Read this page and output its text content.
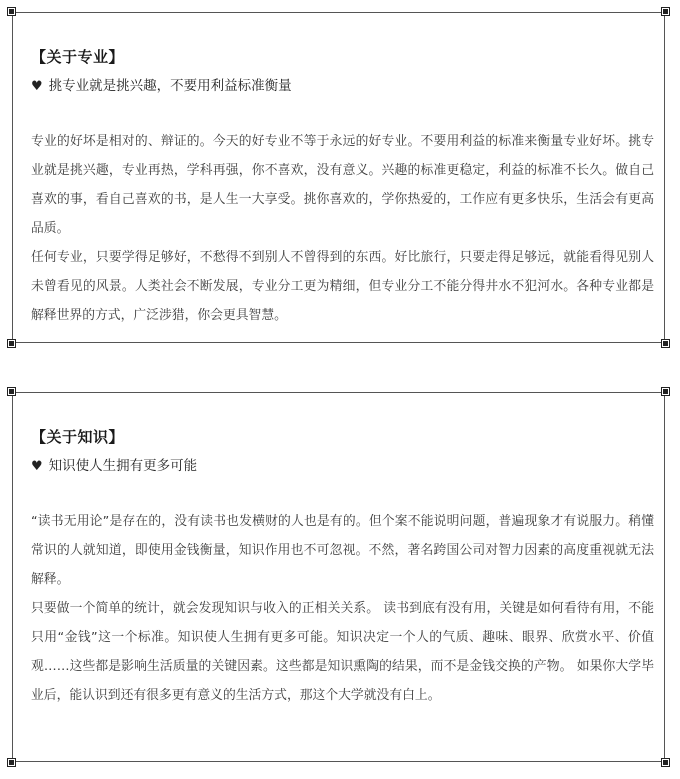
【关于专业】
♥ 挑专业就是挑兴趣，不要用利益标准衡量

专业的好坏是相对的、辩证的。今天的好专业不等于永远的好专业。不要用利益的标准来衡量专业好坏。挑专业就是挑兴趣，专业再热，学科再强，你不喜欢，没有意义。兴趣的标准更稳定，利益的标准不长久。做自己喜欢的事，看自己喜欢的书，是人生一大享受。挑你喜欢的，学你热爱的，工作应有更多快乐，生活会有更高品质。

任何专业，只要学得足够好，不愁得不到别人不曾得到的东西。好比旅行，只要走得足够远，就能看得见别人未曾看见的风景。人类社会不断发展，专业分工更为精细，但专业分工不能分得井水不犯河水。各种专业都是解释世界的方式，广泛涉猎，你会更具智慧。

【关于知识】
♥ 知识使人生拥有更多可能

“读书无用论”是存在的，没有读书也发横财的人也是有的。但个案不能说明问题，普遍现象才有说服力。稍懂常识的人就知道，即使用金钱衡量，知识作用也不可忽视。不然，著名跨国公司对智力因素的高度重视就无法解释。

只要做一个简单的统计，就会发现知识与收入的正相关关系。 读书到底有没有用，关键是如何看待有用，不能只用“金钱”这一个标准。知识使人生拥有更多可能。知识决定一个人的气质、趣味、眼界、欣赏水平、价值观……这些都是影响生活质量的关键因素。这些都是知识熏陶的结果，而不是金钱交换的产物。 如果你大学毕业后，能认识到还有很多更有意义的生活方式，那这个大学就没有白上。
